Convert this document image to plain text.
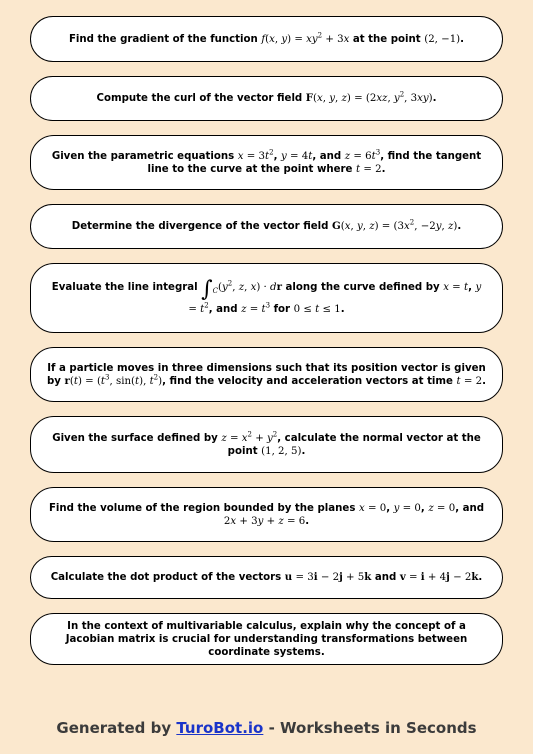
Find the gradient of the function f(x, $y) = xy^2 + 3x$ at the point (2, −1).
Compute the curl of the vector field F(x, y, z) = (2xz, $y^2$, 3xy).
Given the parametric equations $x = 3t^2$, y = 4t, and $z = 6t^3$, find the tangent line to the curve at the point where t = 2.
Determine the divergence of the vector field G(x, y, $z) = (3x^2$, −2y, z).
Evaluate the line integral $\int_C(y^2$, z, x) · dr along the curve defined by x = t, $y = t^2$, and $z = t^3$ for 0 ≤ t ≤ 1.
If a particle moves in three dimensions such that its position vector is given by $r(t) = (t^3$, sin(t), $t^2$), find the velocity and acceleration vectors at time t = 2.
Given the surface defined by $z = x^2 + y^2$, calculate the normal vector at the point (1, 2, 5).
Find the volume of the region bounded by the planes x = 0, y = 0, z = 0, and 2x + 3y + z = 6.
Calculate the dot product of the vectors u = 3i − 2j + 5k and v = i + 4j − 2k.
In the context of multivariable calculus, explain why the concept of a Jacobian matrix is crucial for understanding transformations between coordinate systems.
Generated by TuroBot.io - Worksheets in Seconds
